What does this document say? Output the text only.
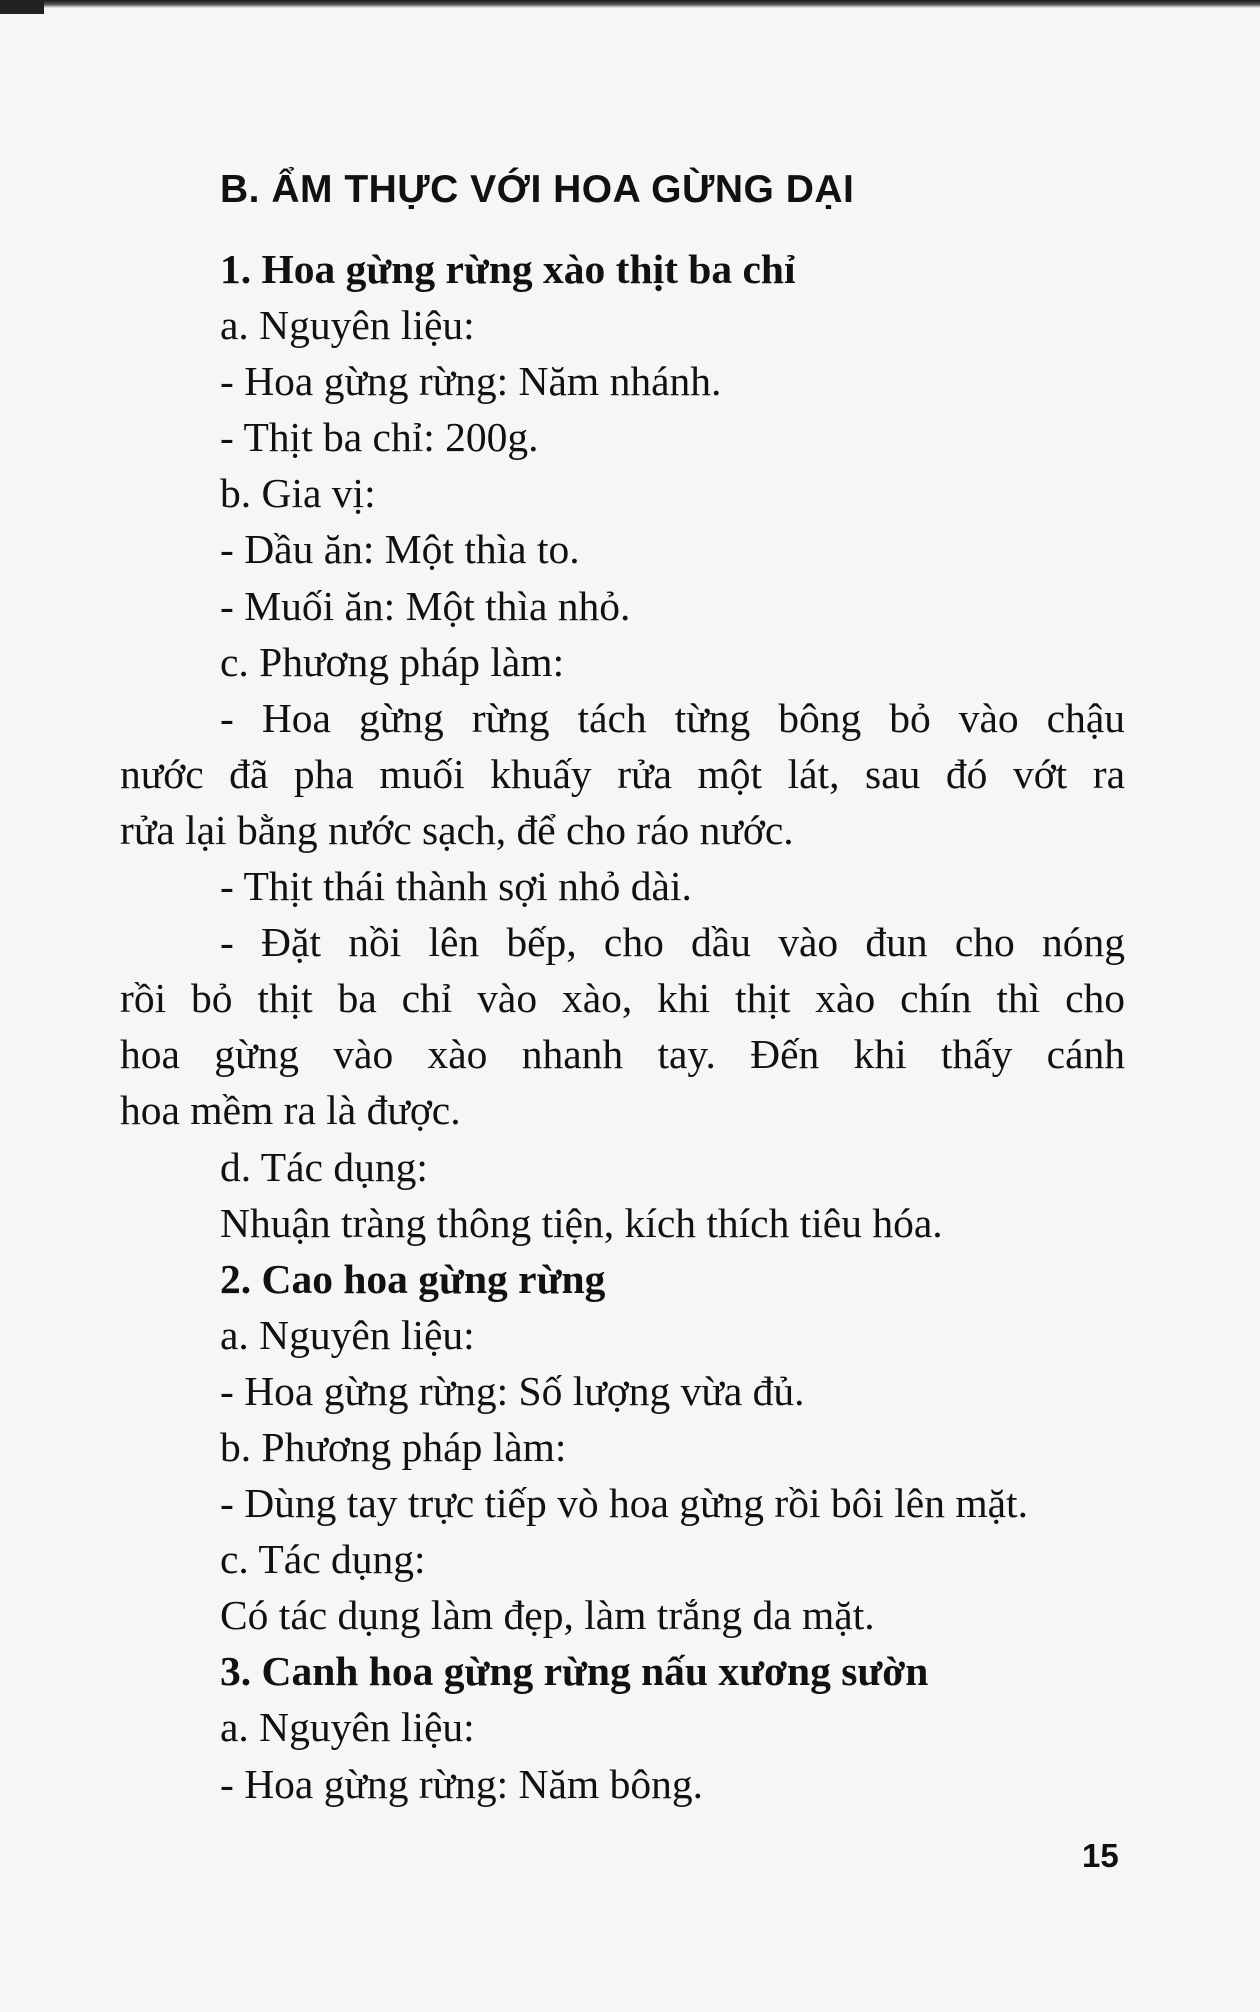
B. ẨM THỰC VỚI HOA GỪNG DẠI
1. Hoa gừng rừng xào thịt ba chỉ
a. Nguyên liệu:
- Hoa gừng rừng: Năm nhánh.
- Thịt ba chỉ: 200g.
b. Gia vị:
- Dầu ăn: Một thìa to.
- Muối ăn: Một thìa nhỏ.
c. Phương pháp làm:
- Hoa gừng rừng tách từng bông bỏ vào chậu
nước đã pha muối khuấy rửa một lát, sau đó vớt ra
rửa lại bằng nước sạch, để cho ráo nước.
- Thịt thái thành sợi nhỏ dài.
- Đặt nồi lên bếp, cho dầu vào đun cho nóng
rồi bỏ thịt ba chỉ vào xào, khi thịt xào chín thì cho
hoa gừng vào xào nhanh tay. Đến khi thấy cánh
hoa mềm ra là được.
d. Tác dụng:
Nhuận tràng thông tiện, kích thích tiêu hóa.
2. Cao hoa gừng rừng
a. Nguyên liệu:
- Hoa gừng rừng: Số lượng vừa đủ.
b. Phương pháp làm:
- Dùng tay trực tiếp vò hoa gừng rồi bôi lên mặt.
c. Tác dụng:
Có tác dụng làm đẹp, làm trắng da mặt.
3. Canh hoa gừng rừng nấu xương sườn
a. Nguyên liệu:
- Hoa gừng rừng: Năm bông.
15
